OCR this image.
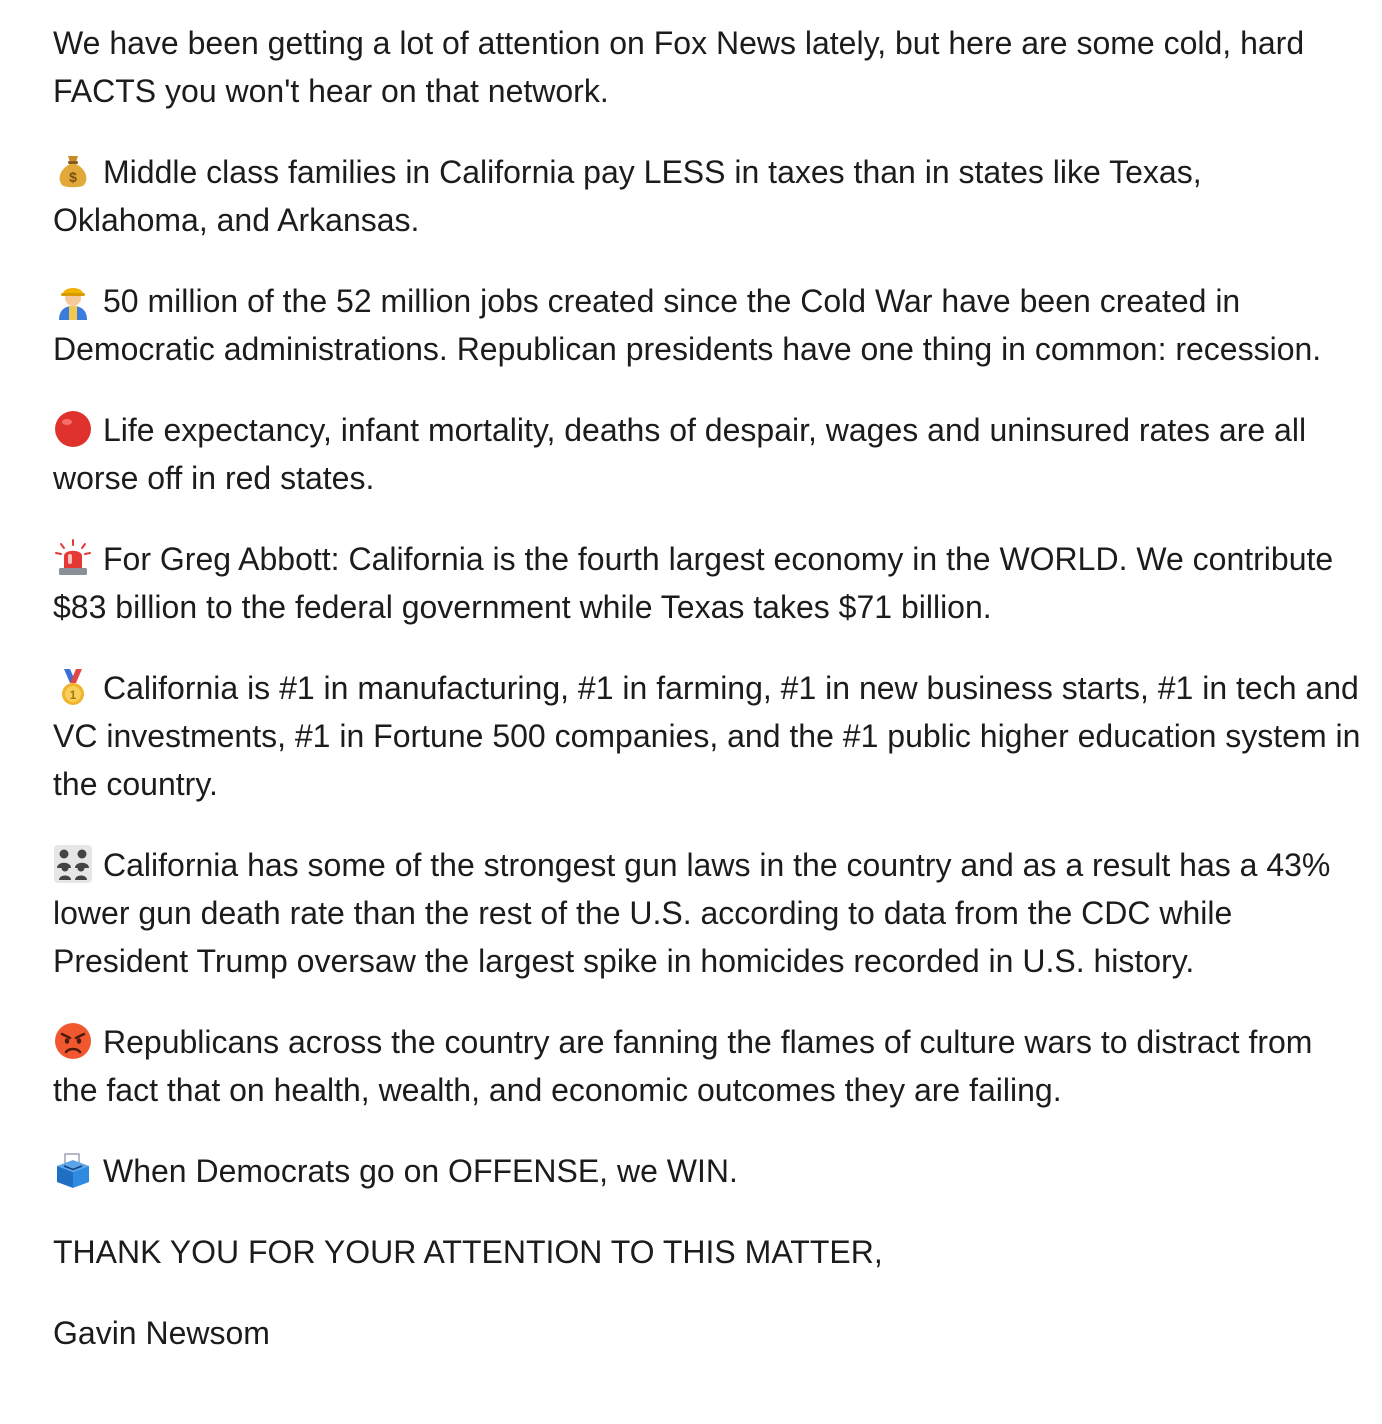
We have been getting a lot of attention on Fox News lately, but here are some cold, hard FACTS you won't hear on that network.

$ Middle class families in California pay LESS in taxes than in states like Texas, Oklahoma, and Arkansas.

50 million of the 52 million jobs created since the Cold War have been created in Democratic administrations. Republican presidents have one thing in common: recession.

Life expectancy, infant mortality, deaths of despair, wages and uninsured rates are all worse off in red states.

For Greg Abbott: California is the fourth largest economy in the WORLD. We contribute $83 billion to the federal government while Texas takes $71 billion.

1 California is #1 in manufacturing, #1 in farming, #1 in new business starts, #1 in tech and VC investments, #1 in Fortune 500 companies, and the #1 public higher education system in the country.

California has some of the strongest gun laws in the country and as a result has a 43% lower gun death rate than the rest of the U.S. according to data from the CDC while President Trump oversaw the largest spike in homicides recorded in U.S. history.

Republicans across the country are fanning the flames of culture wars to distract from the fact that on health, wealth, and economic outcomes they are failing.

When Democrats go on OFFENSE, we WIN.

THANK YOU FOR YOUR ATTENTION TO THIS MATTER,

Gavin Newsom
